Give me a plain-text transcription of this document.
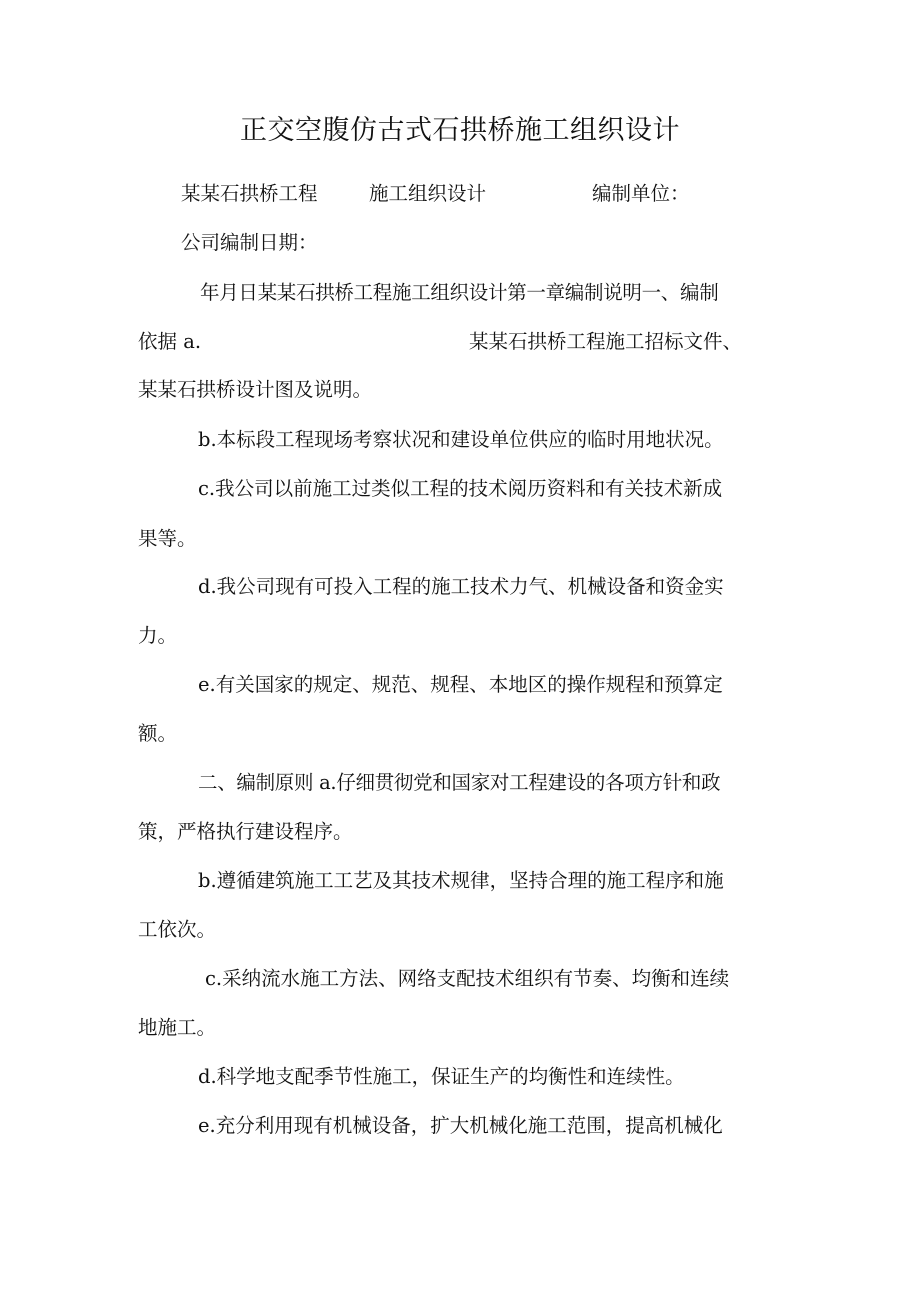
正交空腹仿古式石拱桥施工组织设计
某某石拱桥工程	施工组织设计	编制单位：
公司编制日期：
年月日某某石拱桥工程施工组织设计第一章编制说明一、编制
依据 a.	某某石拱桥工程施工招标文件、
某某石拱桥设计图及说明。
b.本标段工程现场考察状况和建设单位供应的临时用地状况。
c.我公司以前施工过类似工程的技术阅历资料和有关技术新成
果等。
d.我公司现有可投入工程的施工技术力气、机械设备和资金实
力。
e.有关国家的规定、规范、规程、本地区的操作规程和预算定
额。
二、编制原则 a.仔细贯彻党和国家对工程建设的各项方针和政
策，严格执行建设程序。
b.遵循建筑施工工艺及其技术规律，坚持合理的施工程序和施
工依次。
c.采纳流水施工方法、网络支配技术组织有节奏、均衡和连续
地施工。
d.科学地支配季节性施工，保证生产的均衡性和连续性。
e.充分利用现有机械设备，扩大机械化施工范围，提高机械化
